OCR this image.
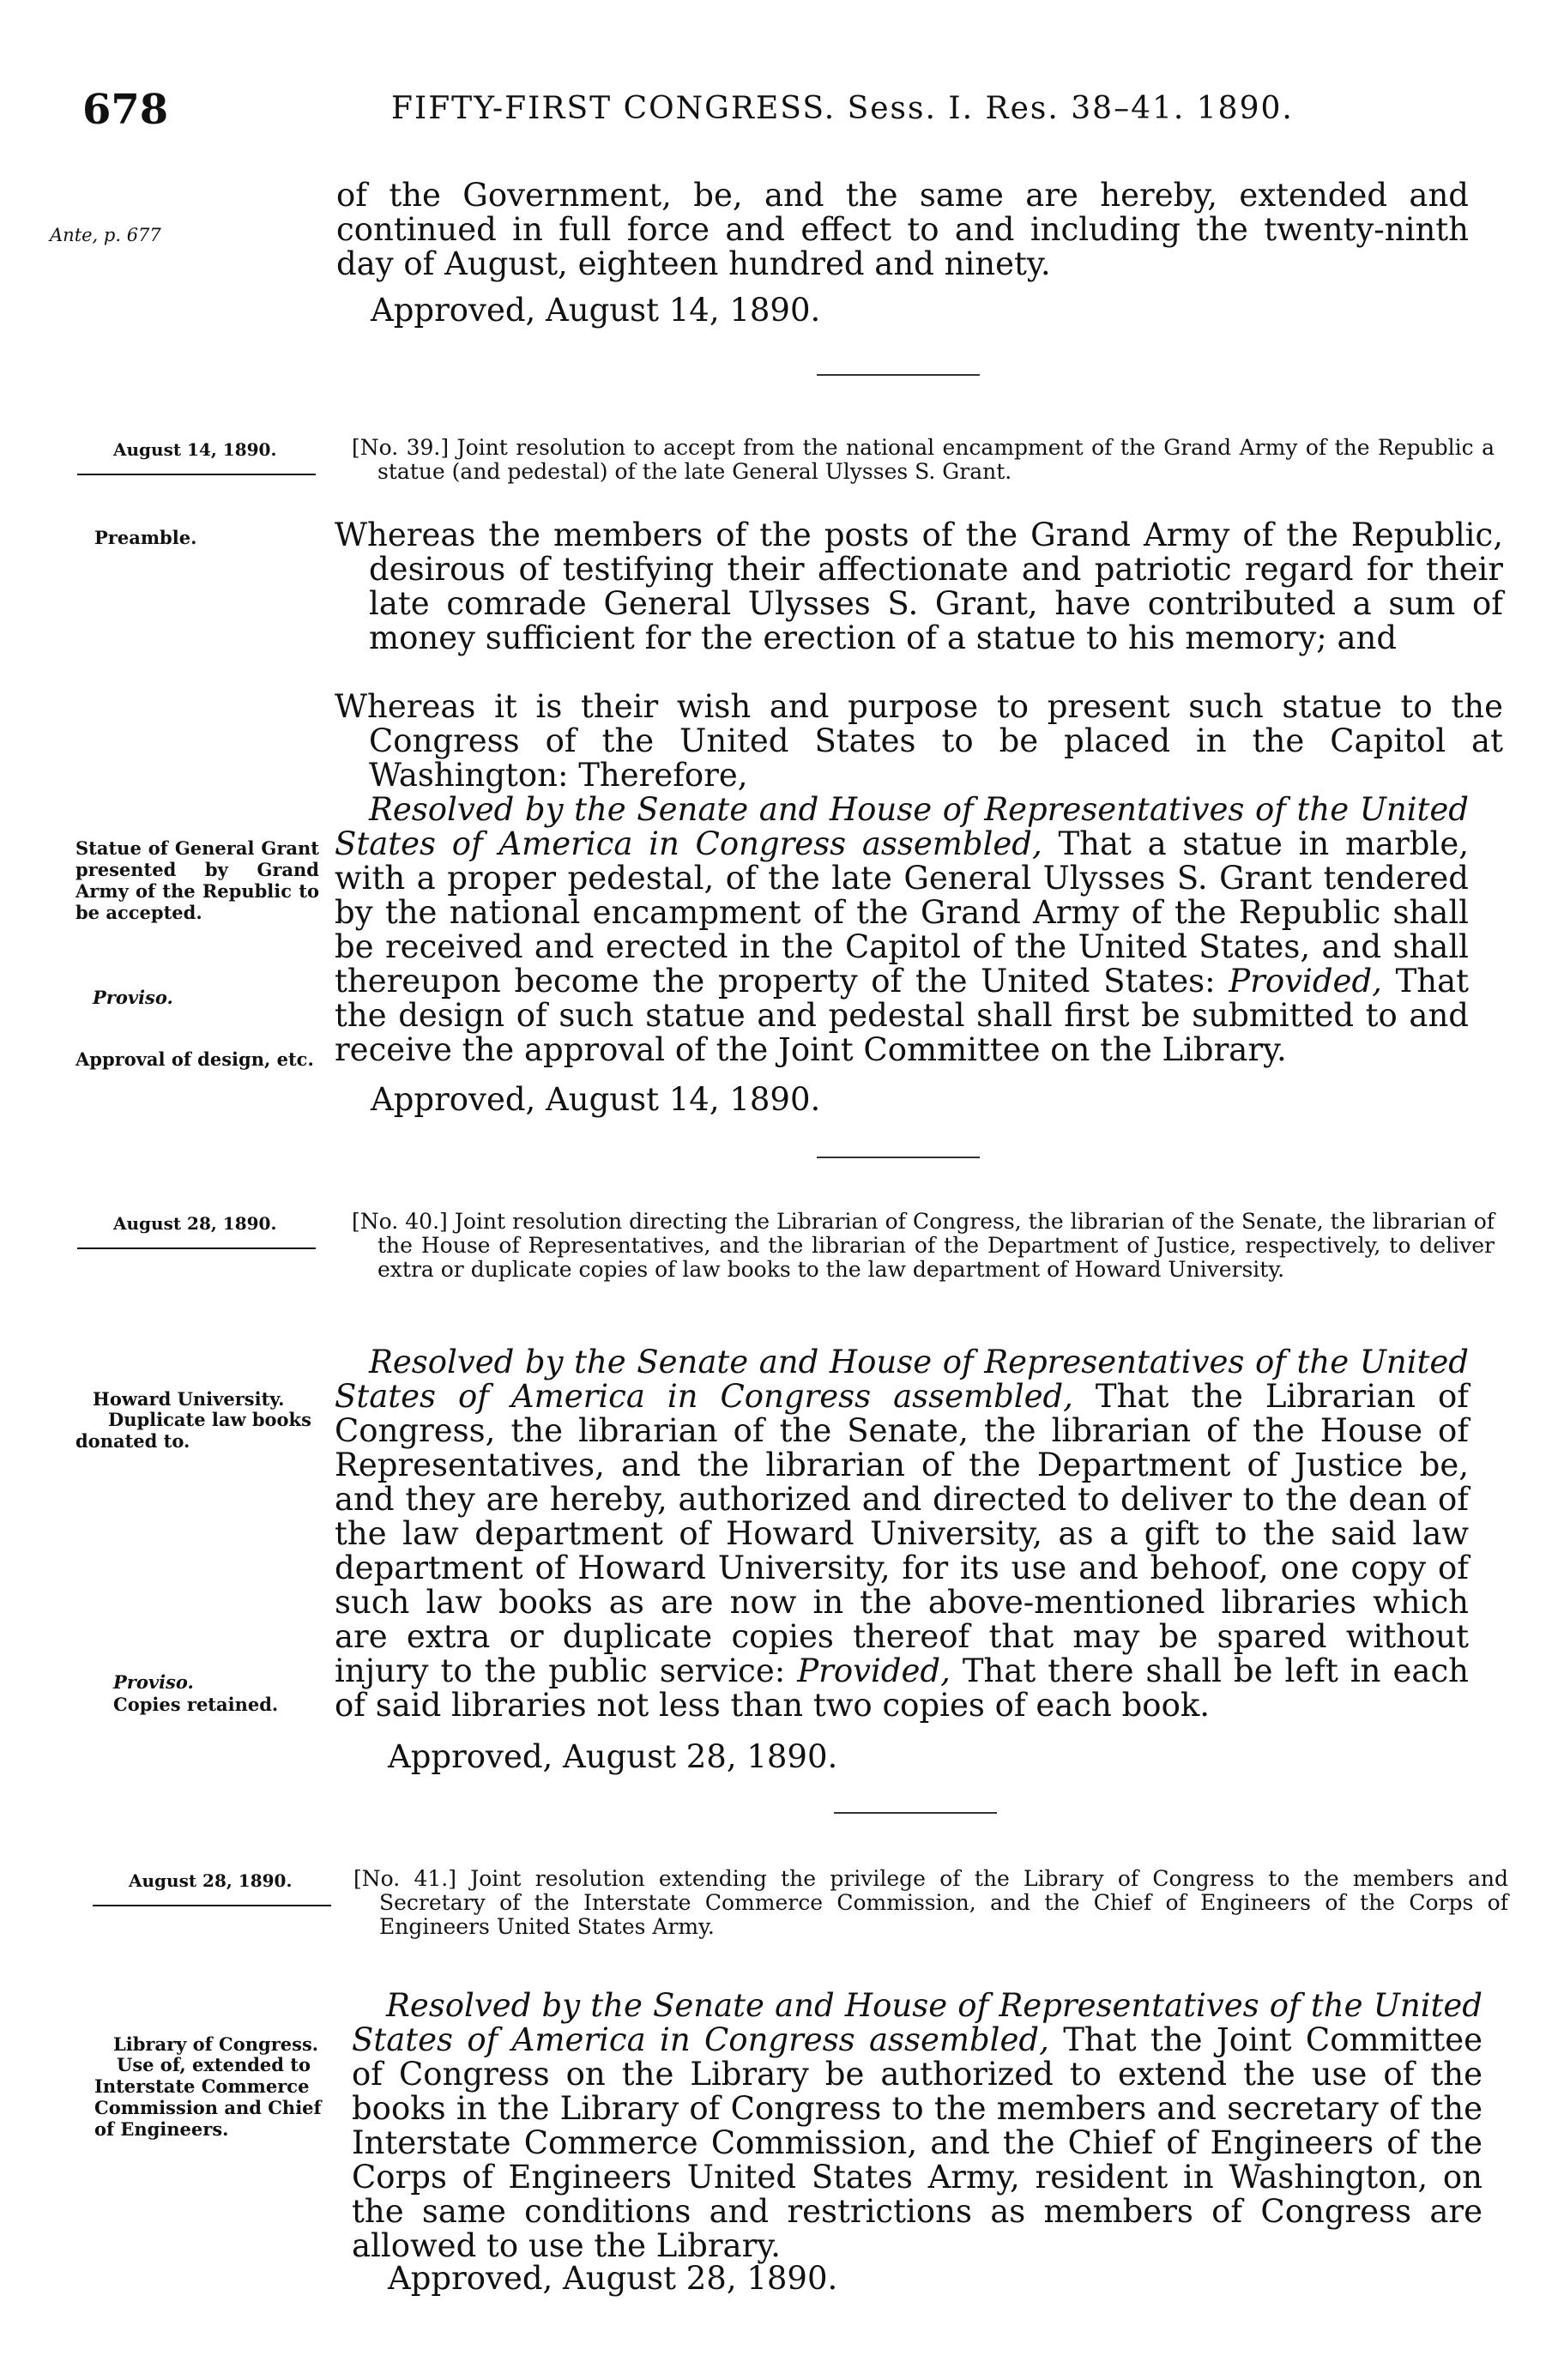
678	FIFTY-FIRST CONGRESS. Sess. I. Res. 38–41. 1890.
Ante, p. 677

of the Government, be, and the same are hereby, extended and continued in full force and effect to and including the twenty-ninth day of August, eighteen hundred and ninety.

Approved, August 14, 1890.
August 14, 1890.	[No. 39.] Joint resolution to accept from the national encampment of the Grand Army of the Republic a statue (and pedestal) of the late General Ulysses S. Grant.
Preamble.	Whereas the members of the posts of the Grand Army of the Republic, desirous of testifying their affectionate and patriotic regard for their late comrade General Ulysses S. Grant, have contributed a sum of money sufficient for the erection of a statue to his memory; and
Whereas it is their wish and purpose to present such statue to the Congress of the United States to be placed in the Capitol at Washington: Therefore,
Statue of General Grant presented by Grand Army of the Republic to be accepted.
Resolved by the Senate and House of Representatives of the United States of America in Congress assembled, That a statue in marble, with a proper pedestal, of the late General Ulysses S. Grant tendered by the national encampment of the Grand Army of the Republic shall be received and erected in the Capitol of the United States, and shall thereupon become the property of the United States: Provided, That the design of such statue and pedestal shall first be submitted to and receive the approval of the Joint Committee on the Library.
Proviso.
Approval of design, etc.
Approved, August 14, 1890.
August 28, 1890.	[No. 40.] Joint resolution directing the Librarian of Congress, the librarian of the Senate, the librarian of the House of Representatives, and the librarian of the Department of Justice, respectively, to deliver extra or duplicate copies of law books to the law department of Howard University.
Howard University.
Duplicate law books donated to.
Resolved by the Senate and House of Representatives of the United States of America in Congress assembled, That the Librarian of Congress, the librarian of the Senate, the librarian of the House of Representatives, and the librarian of the Department of Justice be, and they are hereby, authorized and directed to deliver to the dean of the law department of Howard University, as a gift to the said law department of Howard University, for its use and behoof, one copy of such law books as are now in the above-mentioned libraries which are extra or duplicate copies thereof that may be spared without injury to the public service: Provided, That there shall be left in each of said libraries not less than two copies of each book.
Proviso.
Copies retained.
Approved, August 28, 1890.
August 28, 1890.	[No. 41.] Joint resolution extending the privilege of the Library of Congress to the members and Secretary of the Interstate Commerce Commission, and the Chief of Engineers of the Corps of Engineers United States Army.
Library of Congress.
Use of, extended to Interstate Commerce Commission and Chief of Engineers.
Resolved by the Senate and House of Representatives of the United States of America in Congress assembled, That the Joint Committee of Congress on the Library be authorized to extend the use of the books in the Library of Congress to the members and secretary of the Interstate Commerce Commission, and the Chief of Engineers of the Corps of Engineers United States Army, resident in Washington, on the same conditions and restrictions as members of Congress are allowed to use the Library.
Approved, August 28, 1890.
